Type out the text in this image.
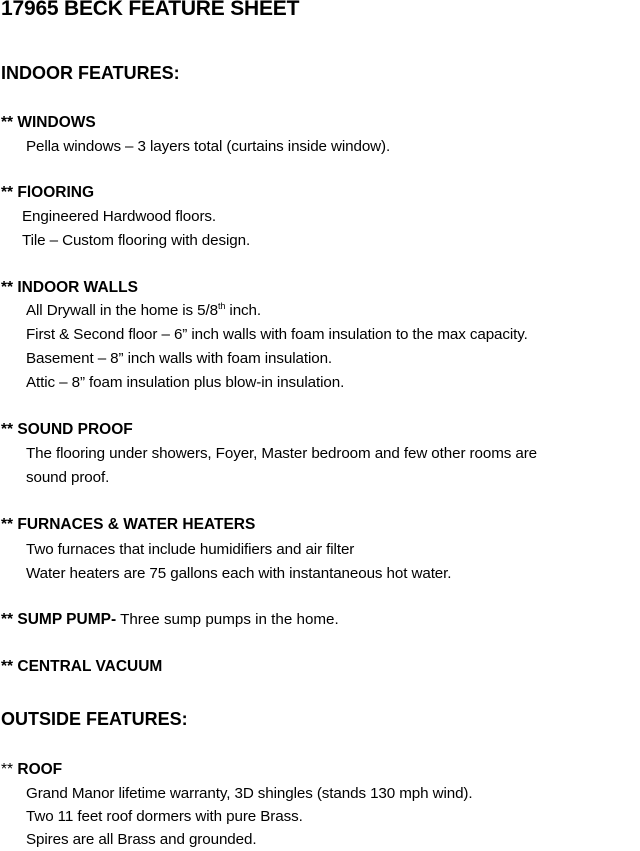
17965 BECK FEATURE SHEET
INDOOR FEATURES:
** WINDOWS
Pella windows – 3 layers total (curtains inside window).
** FlOORING
Engineered Hardwood floors.
Tile – Custom flooring with design.
** INDOOR WALLS
All Drywall in the home is 5/8th inch.
First & Second floor – 6” inch walls with foam insulation to the max capacity.
Basement – 8” inch walls with foam insulation.
Attic – 8” foam insulation plus blow-in insulation.
** SOUND PROOF
The flooring under showers, Foyer, Master bedroom and few other rooms are
sound proof.
** FURNACES & WATER HEATERS
Two furnaces that include humidifiers and air filter
Water heaters are 75 gallons each with instantaneous hot water.
** SUMP PUMP- Three sump pumps in the home.
** CENTRAL VACUUM
OUTSIDE FEATURES:
** ROOF
Grand Manor lifetime warranty, 3D shingles (stands 130 mph wind).
Two 11 feet roof dormers with pure Brass.
Spires are all Brass and grounded.
